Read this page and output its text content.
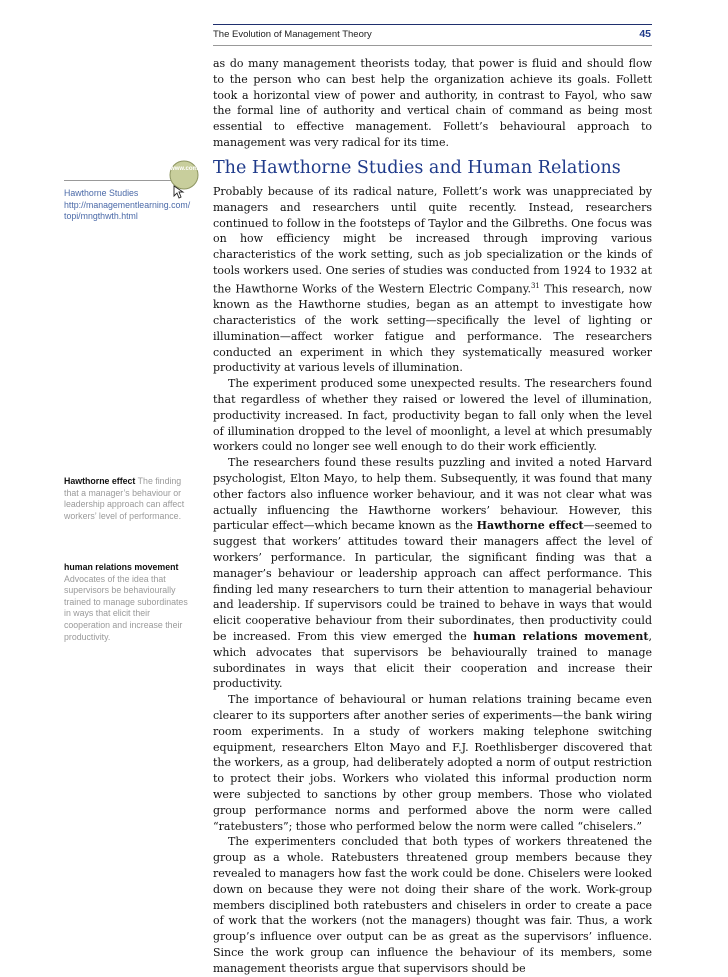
The Evolution of Management Theory	45

as do many management theorists today, that power is fluid and should flow to the person who can best help the organization achieve its goals. Follett took a horizontal view of power and authority, in contrast to Fayol, who saw the formal line of authority and vertical chain of command as being most essential to effective management. Follett’s behavioural approach to management was very radical for its time.

The Hawthorne Studies and Human Relations

Probably because of its radical nature, Follett’s work was unappreciated by managers and researchers until quite recently. Instead, researchers continued to follow in the footsteps of Taylor and the Gilbreths. One focus was on how efficiency might be increased through improving various characteristics of the work setting, such as job specialization or the kinds of tools workers used. One series of studies was conducted from 1924 to 1932 at the Hawthorne Works of the Western Electric Company.$^{31}$ This research, now known as the Hawthorne studies, began as an attempt to investigate how characteristics of the work setting—specifically the level of lighting or illumination—affect worker fatigue and performance. The researchers conducted an experiment in which they systematically measured worker productivity at various levels of illumination.

The experiment produced some unexpected results. The researchers found that regardless of whether they raised or lowered the level of illumination, productivity increased. In fact, productivity began to fall only when the level of illumination dropped to the level of moonlight, a level at which presumably workers could no longer see well enough to do their work efficiently.

The researchers found these results puzzling and invited a noted Harvard psychologist, Elton Mayo, to help them. Subsequently, it was found that many other factors also influence worker behaviour, and it was not clear what was actually influencing the Hawthorne workers’ behaviour. However, this particular effect—which became known as the Hawthorne effect—seemed to suggest that workers’ attitudes toward their managers affect the level of workers’ performance. In particular, the significant finding was that a manager’s behaviour or leadership approach can affect performance. This finding led many researchers to turn their attention to managerial behaviour and leadership. If supervisors could be trained to behave in ways that would elicit cooperative behaviour from their subordinates, then productivity could be increased. From this view emerged the human relations movement, which advocates that supervisors be behaviourally trained to manage subordinates in ways that elicit their cooperation and increase their productivity.

The importance of behavioural or human relations training became even clearer to its supporters after another series of experiments—the bank wiring room experiments. In a study of workers making telephone switching equipment, researchers Elton Mayo and F.J. Roethlisberger discovered that the workers, as a group, had deliberately adopted a norm of output restriction to protect their jobs. Workers who violated this informal production norm were subjected to sanctions by other group members. Those who violated group performance norms and performed above the norm were called “ratebusters”; those who performed below the norm were called “chiselers.”

The experimenters concluded that both types of workers threatened the group as a whole. Ratebusters threatened group members because they revealed to managers how fast the work could be done. Chiselers were looked down on because they were not doing their share of the work. Work-group members disciplined both ratebusters and chiselers in order to create a pace of work that the workers (not the managers) thought was fair. Thus, a work group’s influence over output can be as great as the supervisors’ influence. Since the work group can influence the behaviour of its members, some management theorists argue that supervisors should be

www.com
Hawthorne Studies
http://managementlearning.com/topi/mngthwth.html
Hawthorne effect The finding that a manager’s behaviour or leadership approach can affect workers’ level of performance.
human relations movement Advocates of the idea that supervisors be behaviourally trained to manage subordinates in ways that elicit their cooperation and increase their productivity.
